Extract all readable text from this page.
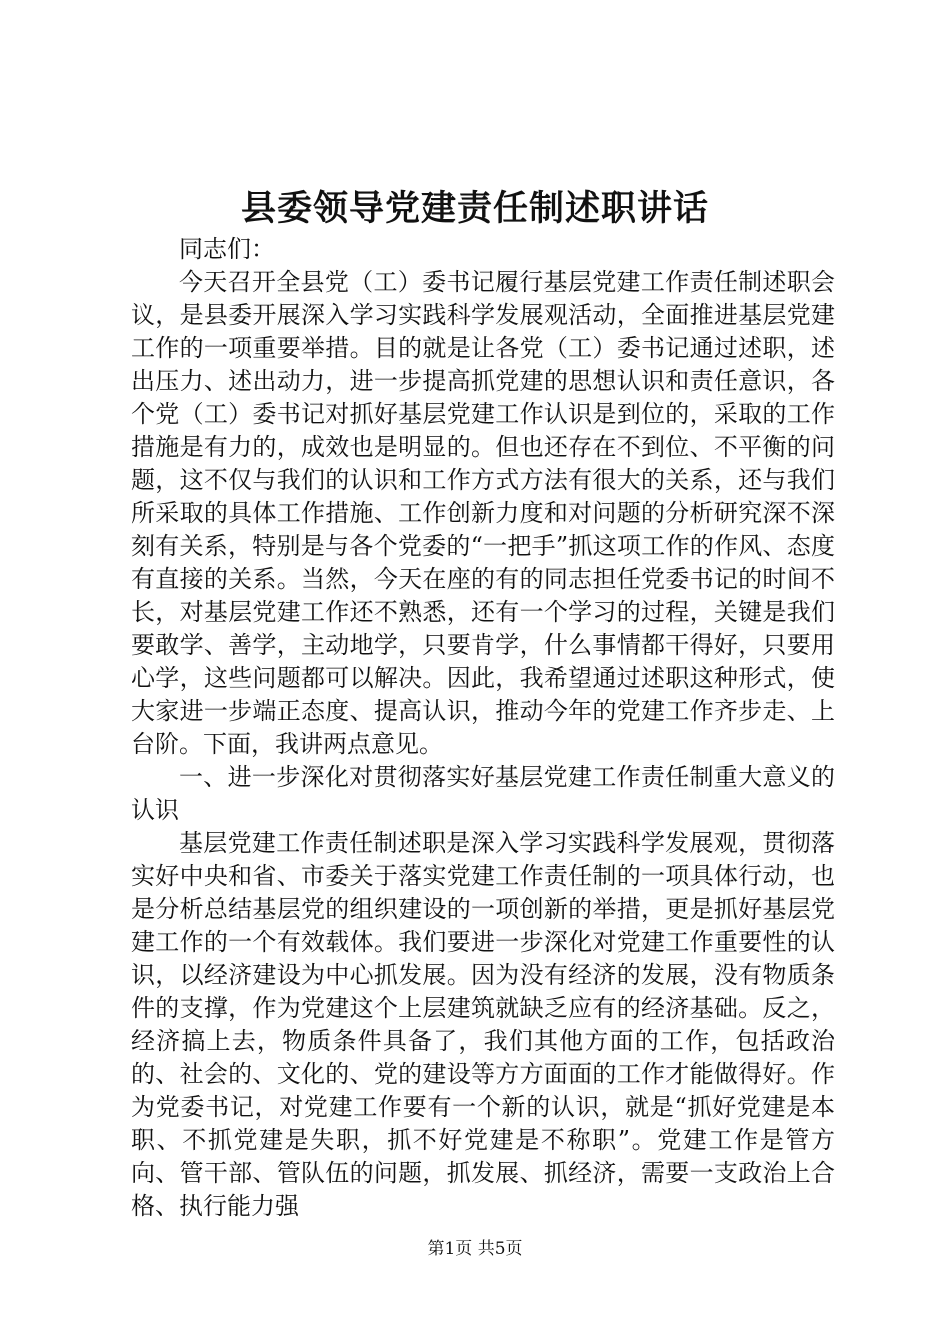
县委领导党建责任制述职讲话

同志们：

今天召开全县党（工）委书记履行基层党建工作责任制述职会议，是县委开展深入学习实践科学发展观活动，全面推进基层党建工作的一项重要举措。目的就是让各党（工）委书记通过述职，述出压力、述出动力，进一步提高抓党建的思想认识和责任意识，各个党（工）委书记对抓好基层党建工作认识是到位的，采取的工作措施是有力的，成效也是明显的。但也还存在不到位、不平衡的问题，这不仅与我们的认识和工作方式方法有很大的关系，还与我们所采取的具体工作措施、工作创新力度和对问题的分析研究深不深刻有关系，特别是与各个党委的“一把手”抓这项工作的作风、态度有直接的关系。当然，今天在座的有的同志担任党委书记的时间不长，对基层党建工作还不熟悉，还有一个学习的过程，关键是我们要敢学、善学，主动地学，只要肯学，什么事情都干得好，只要用心学，这些问题都可以解决。因此，我希望通过述职这种形式，使大家进一步端正态度、提高认识，推动今年的党建工作齐步走、上台阶。下面，我讲两点意见。

一、进一步深化对贯彻落实好基层党建工作责任制重大意义的认识

基层党建工作责任制述职是深入学习实践科学发展观，贯彻落实好中央和省、市委关于落实党建工作责任制的一项具体行动，也是分析总结基层党的组织建设的一项创新的举措，更是抓好基层党建工作的一个有效载体。我们要进一步深化对党建工作重要性的认识，以经济建设为中心抓发展。因为没有经济的发展，没有物质条件的支撑，作为党建这个上层建筑就缺乏应有的经济基础。反之，经济搞上去，物质条件具备了，我们其他方面的工作，包括政治的、社会的、文化的、党的建设等方方面面的工作才能做得好。作为党委书记，对党建工作要有一个新的认识，就是“抓好党建是本职、不抓党建是失职，抓不好党建是不称职”。党建工作是管方向、管干部、管队伍的问题，抓发展、抓经济，需要一支政治上合格、执行能力强

第1页 共5页
